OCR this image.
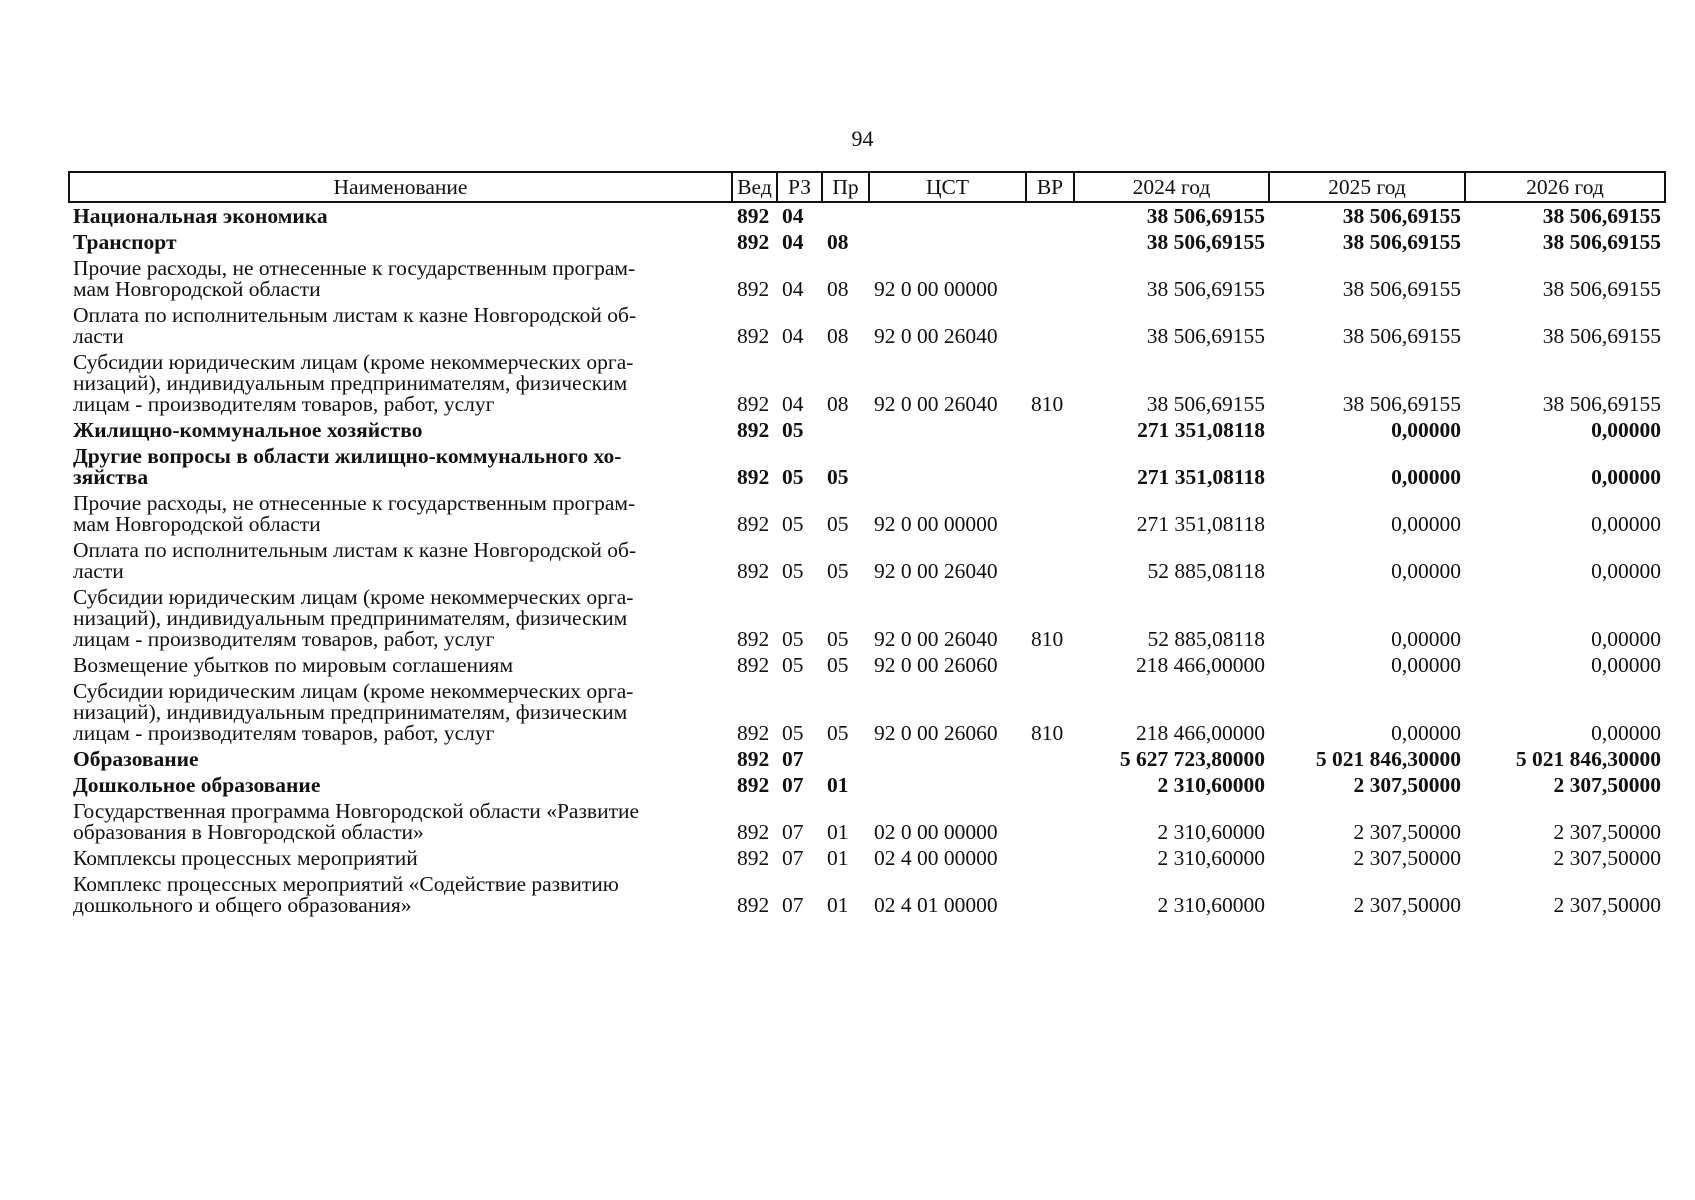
94
Наименование	Вед	РЗ	Пр	ЦСТ	ВР	2024 год	2025 год	2026 год
Национальная экономика	892	04				38 506,69155	38 506,69155	38 506,69155
Транспорт	892	04	08			38 506,69155	38 506,69155	38 506,69155
Прочие расходы, не отнесенные к государственным програм-
мам Новгородской области	892	04	08	92 0 00 00000		38 506,69155	38 506,69155	38 506,69155
Оплата по исполнительным листам к казне Новгородской об-
ласти	892	04	08	92 0 00 26040		38 506,69155	38 506,69155	38 506,69155
Субсидии юридическим лицам (кроме некоммерческих орга-
низаций), индивидуальным предпринимателям, физическим
лицам - производителям товаров, работ, услуг	892	04	08	92 0 00 26040	810	38 506,69155	38 506,69155	38 506,69155
Жилищно-коммунальное хозяйство	892	05				271 351,08118	0,00000	0,00000
Другие вопросы в области жилищно-коммунального хо-
зяйства	892	05	05			271 351,08118	0,00000	0,00000
Прочие расходы, не отнесенные к государственным програм-
мам Новгородской области	892	05	05	92 0 00 00000		271 351,08118	0,00000	0,00000
Оплата по исполнительным листам к казне Новгородской об-
ласти	892	05	05	92 0 00 26040		52 885,08118	0,00000	0,00000
Субсидии юридическим лицам (кроме некоммерческих орга-
низаций), индивидуальным предпринимателям, физическим
лицам - производителям товаров, работ, услуг	892	05	05	92 0 00 26040	810	52 885,08118	0,00000	0,00000
Возмещение убытков по мировым соглашениям	892	05	05	92 0 00 26060		218 466,00000	0,00000	0,00000
Субсидии юридическим лицам (кроме некоммерческих орга-
низаций), индивидуальным предпринимателям, физическим
лицам - производителям товаров, работ, услуг	892	05	05	92 0 00 26060	810	218 466,00000	0,00000	0,00000
Образование	892	07				5 627 723,80000	5 021 846,30000	5 021 846,30000
Дошкольное образование	892	07	01			2 310,60000	2 307,50000	2 307,50000
Государственная программа Новгородской области «Развитие
образования в Новгородской области»	892	07	01	02 0 00 00000		2 310,60000	2 307,50000	2 307,50000
Комплексы процессных мероприятий	892	07	01	02 4 00 00000		2 310,60000	2 307,50000	2 307,50000
Комплекс процессных мероприятий «Содействие развитию
дошкольного и общего образования»	892	07	01	02 4 01 00000		2 310,60000	2 307,50000	2 307,50000
